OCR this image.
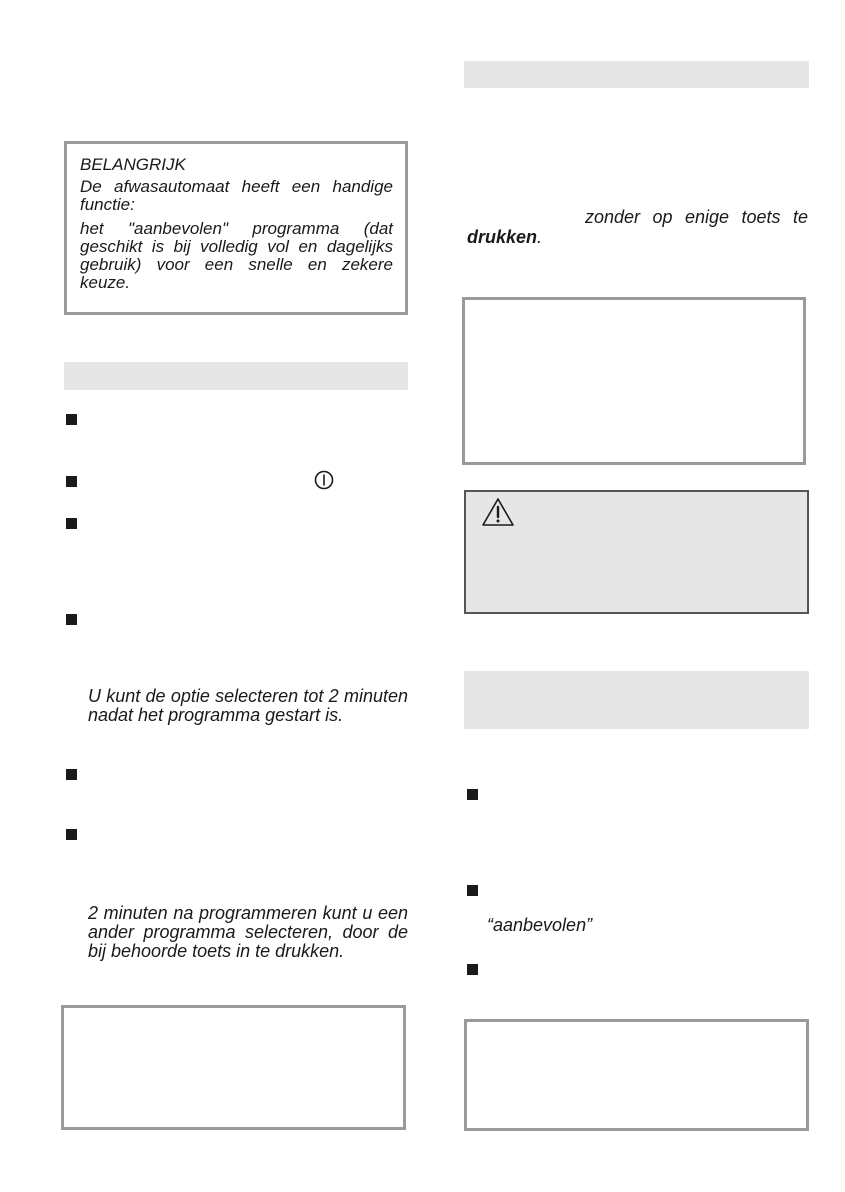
BELANGRIJK

De afwasautomaat heeft een handige functie:

het "aanbevolen" programma (dat geschikt is bij volledig vol en dagelijks gebruik) voor een snelle en zekere keuze.

U kunt de optie selecteren tot 2 minuten nadat het programma gestart is.

2 minuten na programmeren kunt u een ander programma selecteren, door de bij behoorde toets in te drukken.

zonder op enige toets te

drukken.
“aanbevolen”
